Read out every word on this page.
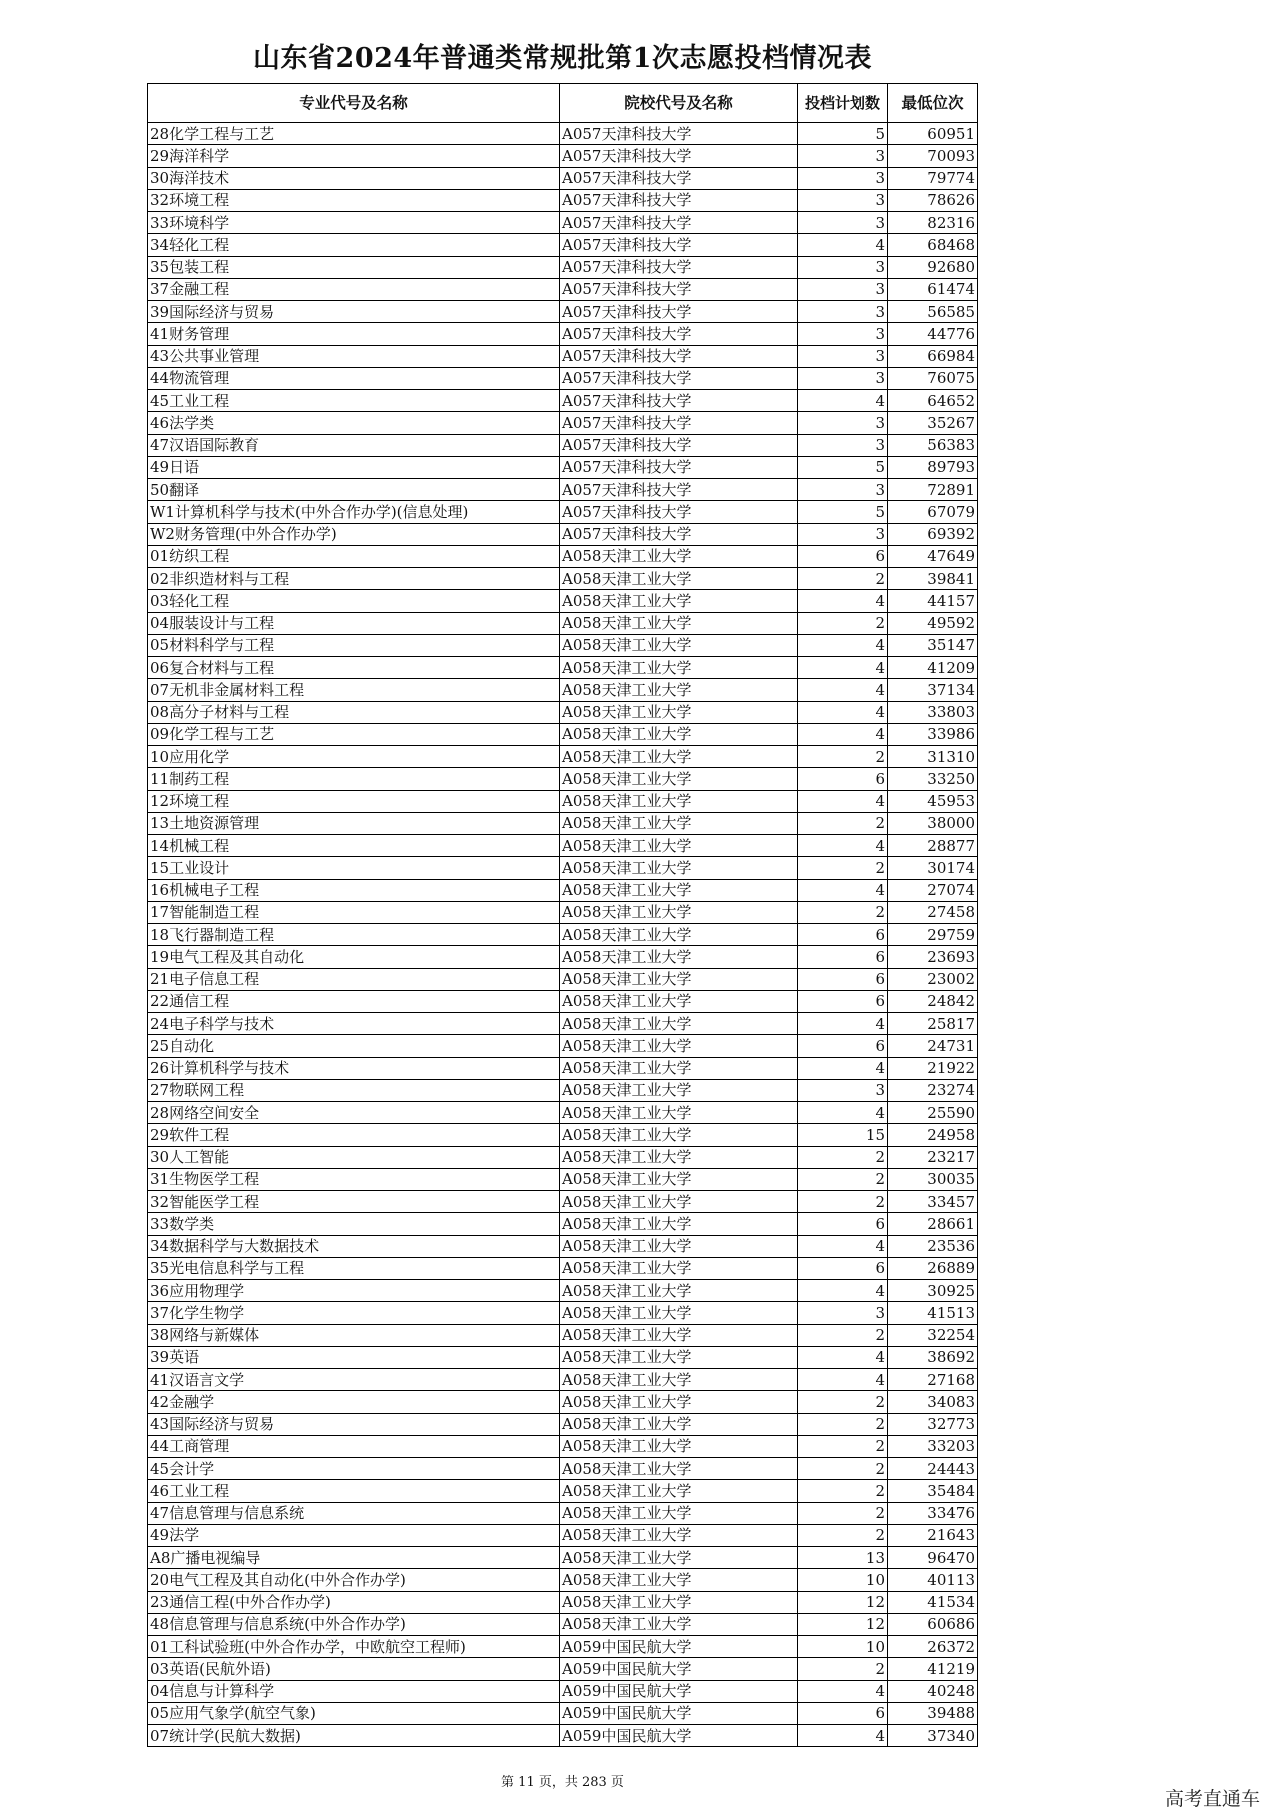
山东省2024年普通类常规批第1次志愿投档情况表
专业代号及名称	院校代号及名称	投档计划数	最低位次
28化学工程与工艺	A057天津科技大学	5	60951
29海洋科学	A057天津科技大学	3	70093
30海洋技术	A057天津科技大学	3	79774
32环境工程	A057天津科技大学	3	78626
33环境科学	A057天津科技大学	3	82316
34轻化工程	A057天津科技大学	4	68468
35包装工程	A057天津科技大学	3	92680
37金融工程	A057天津科技大学	3	61474
39国际经济与贸易	A057天津科技大学	3	56585
41财务管理	A057天津科技大学	3	44776
43公共事业管理	A057天津科技大学	3	66984
44物流管理	A057天津科技大学	3	76075
45工业工程	A057天津科技大学	4	64652
46法学类	A057天津科技大学	3	35267
47汉语国际教育	A057天津科技大学	3	56383
49日语	A057天津科技大学	5	89793
50翻译	A057天津科技大学	3	72891
W1计算机科学与技术(中外合作办学)(信息处理)	A057天津科技大学	5	67079
W2财务管理(中外合作办学)	A057天津科技大学	3	69392
01纺织工程	A058天津工业大学	6	47649
02非织造材料与工程	A058天津工业大学	2	39841
03轻化工程	A058天津工业大学	4	44157
04服装设计与工程	A058天津工业大学	2	49592
05材料科学与工程	A058天津工业大学	4	35147
06复合材料与工程	A058天津工业大学	4	41209
07无机非金属材料工程	A058天津工业大学	4	37134
08高分子材料与工程	A058天津工业大学	4	33803
09化学工程与工艺	A058天津工业大学	4	33986
10应用化学	A058天津工业大学	2	31310
11制药工程	A058天津工业大学	6	33250
12环境工程	A058天津工业大学	4	45953
13土地资源管理	A058天津工业大学	2	38000
14机械工程	A058天津工业大学	4	28877
15工业设计	A058天津工业大学	2	30174
16机械电子工程	A058天津工业大学	4	27074
17智能制造工程	A058天津工业大学	2	27458
18飞行器制造工程	A058天津工业大学	6	29759
19电气工程及其自动化	A058天津工业大学	6	23693
21电子信息工程	A058天津工业大学	6	23002
22通信工程	A058天津工业大学	6	24842
24电子科学与技术	A058天津工业大学	4	25817
25自动化	A058天津工业大学	6	24731
26计算机科学与技术	A058天津工业大学	4	21922
27物联网工程	A058天津工业大学	3	23274
28网络空间安全	A058天津工业大学	4	25590
29软件工程	A058天津工业大学	15	24958
30人工智能	A058天津工业大学	2	23217
31生物医学工程	A058天津工业大学	2	30035
32智能医学工程	A058天津工业大学	2	33457
33数学类	A058天津工业大学	6	28661
34数据科学与大数据技术	A058天津工业大学	4	23536
35光电信息科学与工程	A058天津工业大学	6	26889
36应用物理学	A058天津工业大学	4	30925
37化学生物学	A058天津工业大学	3	41513
38网络与新媒体	A058天津工业大学	2	32254
39英语	A058天津工业大学	4	38692
41汉语言文学	A058天津工业大学	4	27168
42金融学	A058天津工业大学	2	34083
43国际经济与贸易	A058天津工业大学	2	32773
44工商管理	A058天津工业大学	2	33203
45会计学	A058天津工业大学	2	24443
46工业工程	A058天津工业大学	2	35484
47信息管理与信息系统	A058天津工业大学	2	33476
49法学	A058天津工业大学	2	21643
A8广播电视编导	A058天津工业大学	13	96470
20电气工程及其自动化(中外合作办学)	A058天津工业大学	10	40113
23通信工程(中外合作办学)	A058天津工业大学	12	41534
48信息管理与信息系统(中外合作办学)	A058天津工业大学	12	60686
01工科试验班(中外合作办学，中欧航空工程师)	A059中国民航大学	10	26372
03英语(民航外语)	A059中国民航大学	2	41219
04信息与计算科学	A059中国民航大学	4	40248
05应用气象学(航空气象)	A059中国民航大学	6	39488
07统计学(民航大数据)	A059中国民航大学	4	37340
第 11 页，共 283 页
高考直通车
